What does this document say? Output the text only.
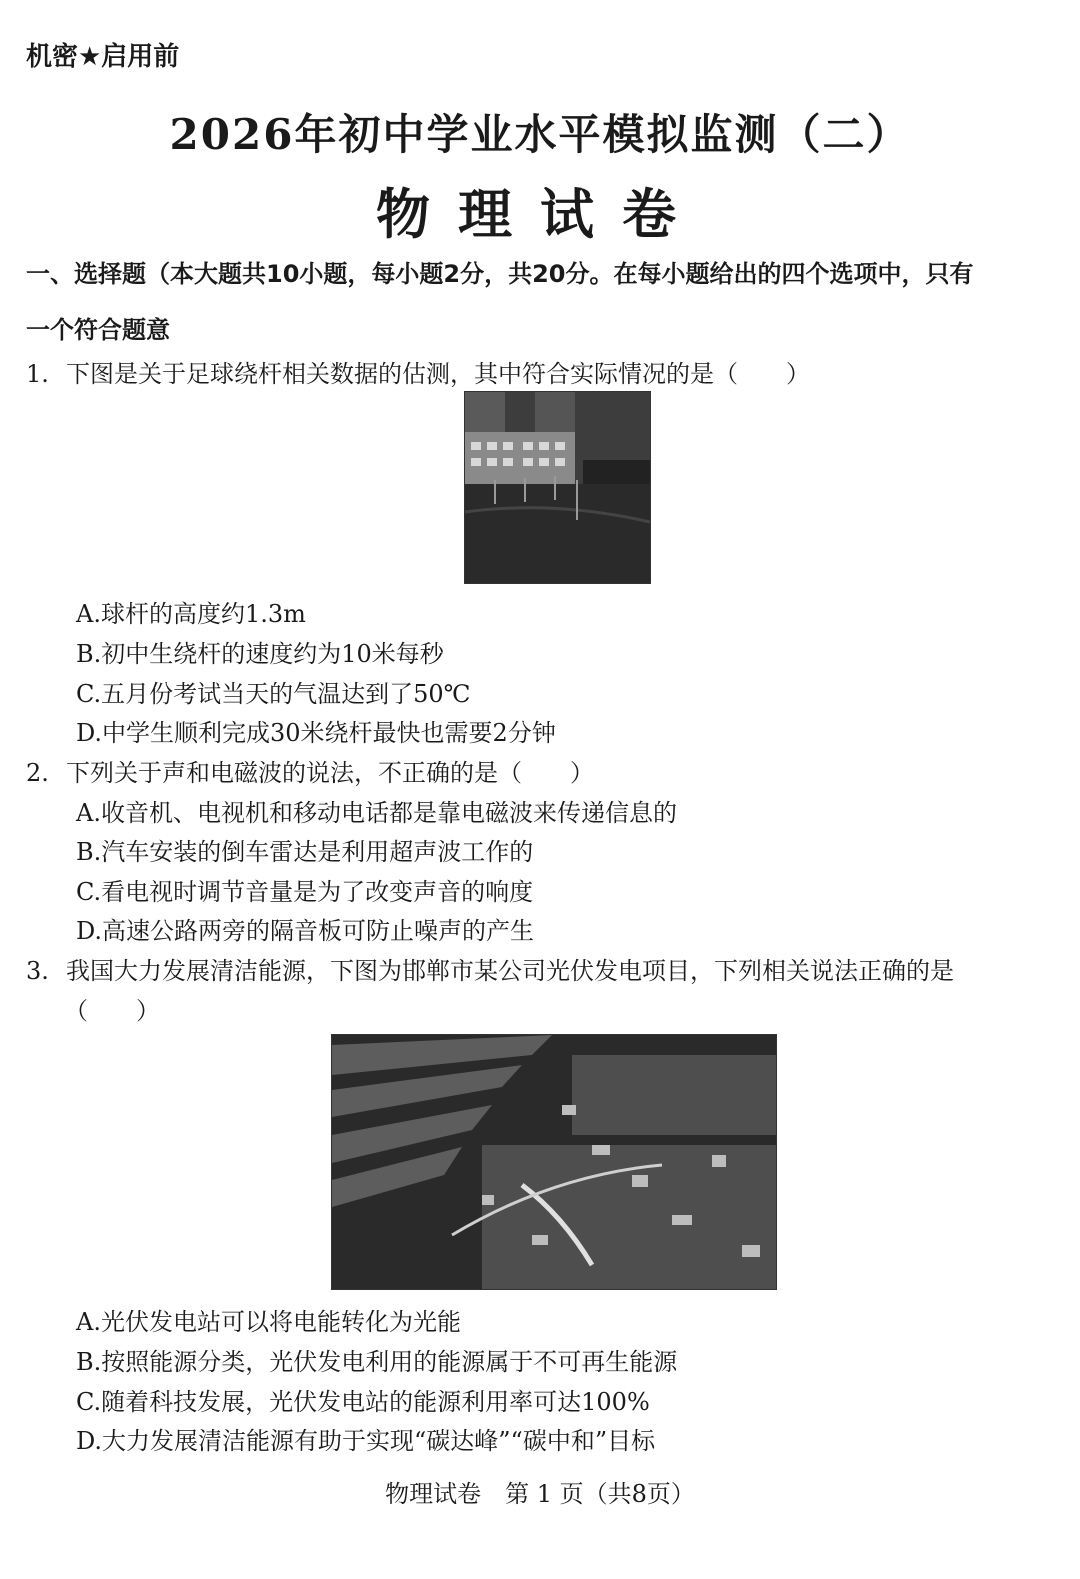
机密★启用前
2026年初中学业水平模拟监测（二）
物理试卷
一、选择题（本大题共10小题，每小题2分，共20分。在每小题给出的四个选项中，只有
一个符合题意
1. 下图是关于足球绕杆相关数据的估测，其中符合实际情况的是（　　）
A.球杆的高度约1.3m
B.初中生绕杆的速度约为10米每秒
C.五月份考试当天的气温达到了50℃
D.中学生顺利完成30米绕杆最快也需要2分钟
2. 下列关于声和电磁波的说法，不正确的是（　　）
A.收音机、电视机和移动电话都是靠电磁波来传递信息的
B.汽车安装的倒车雷达是利用超声波工作的
C.看电视时调节音量是为了改变声音的响度
D.高速公路两旁的隔音板可防止噪声的产生
3. 我国大力发展清洁能源，下图为邯郸市某公司光伏发电项目，下列相关说法正确的是
（　　）
A.光伏发电站可以将电能转化为光能
B.按照能源分类，光伏发电利用的能源属于不可再生能源
C.随着科技发展，光伏发电站的能源利用率可达100%
D.大力发展清洁能源有助于实现“碳达峰”“碳中和”目标
物理试卷　第 1 页（共8页）
